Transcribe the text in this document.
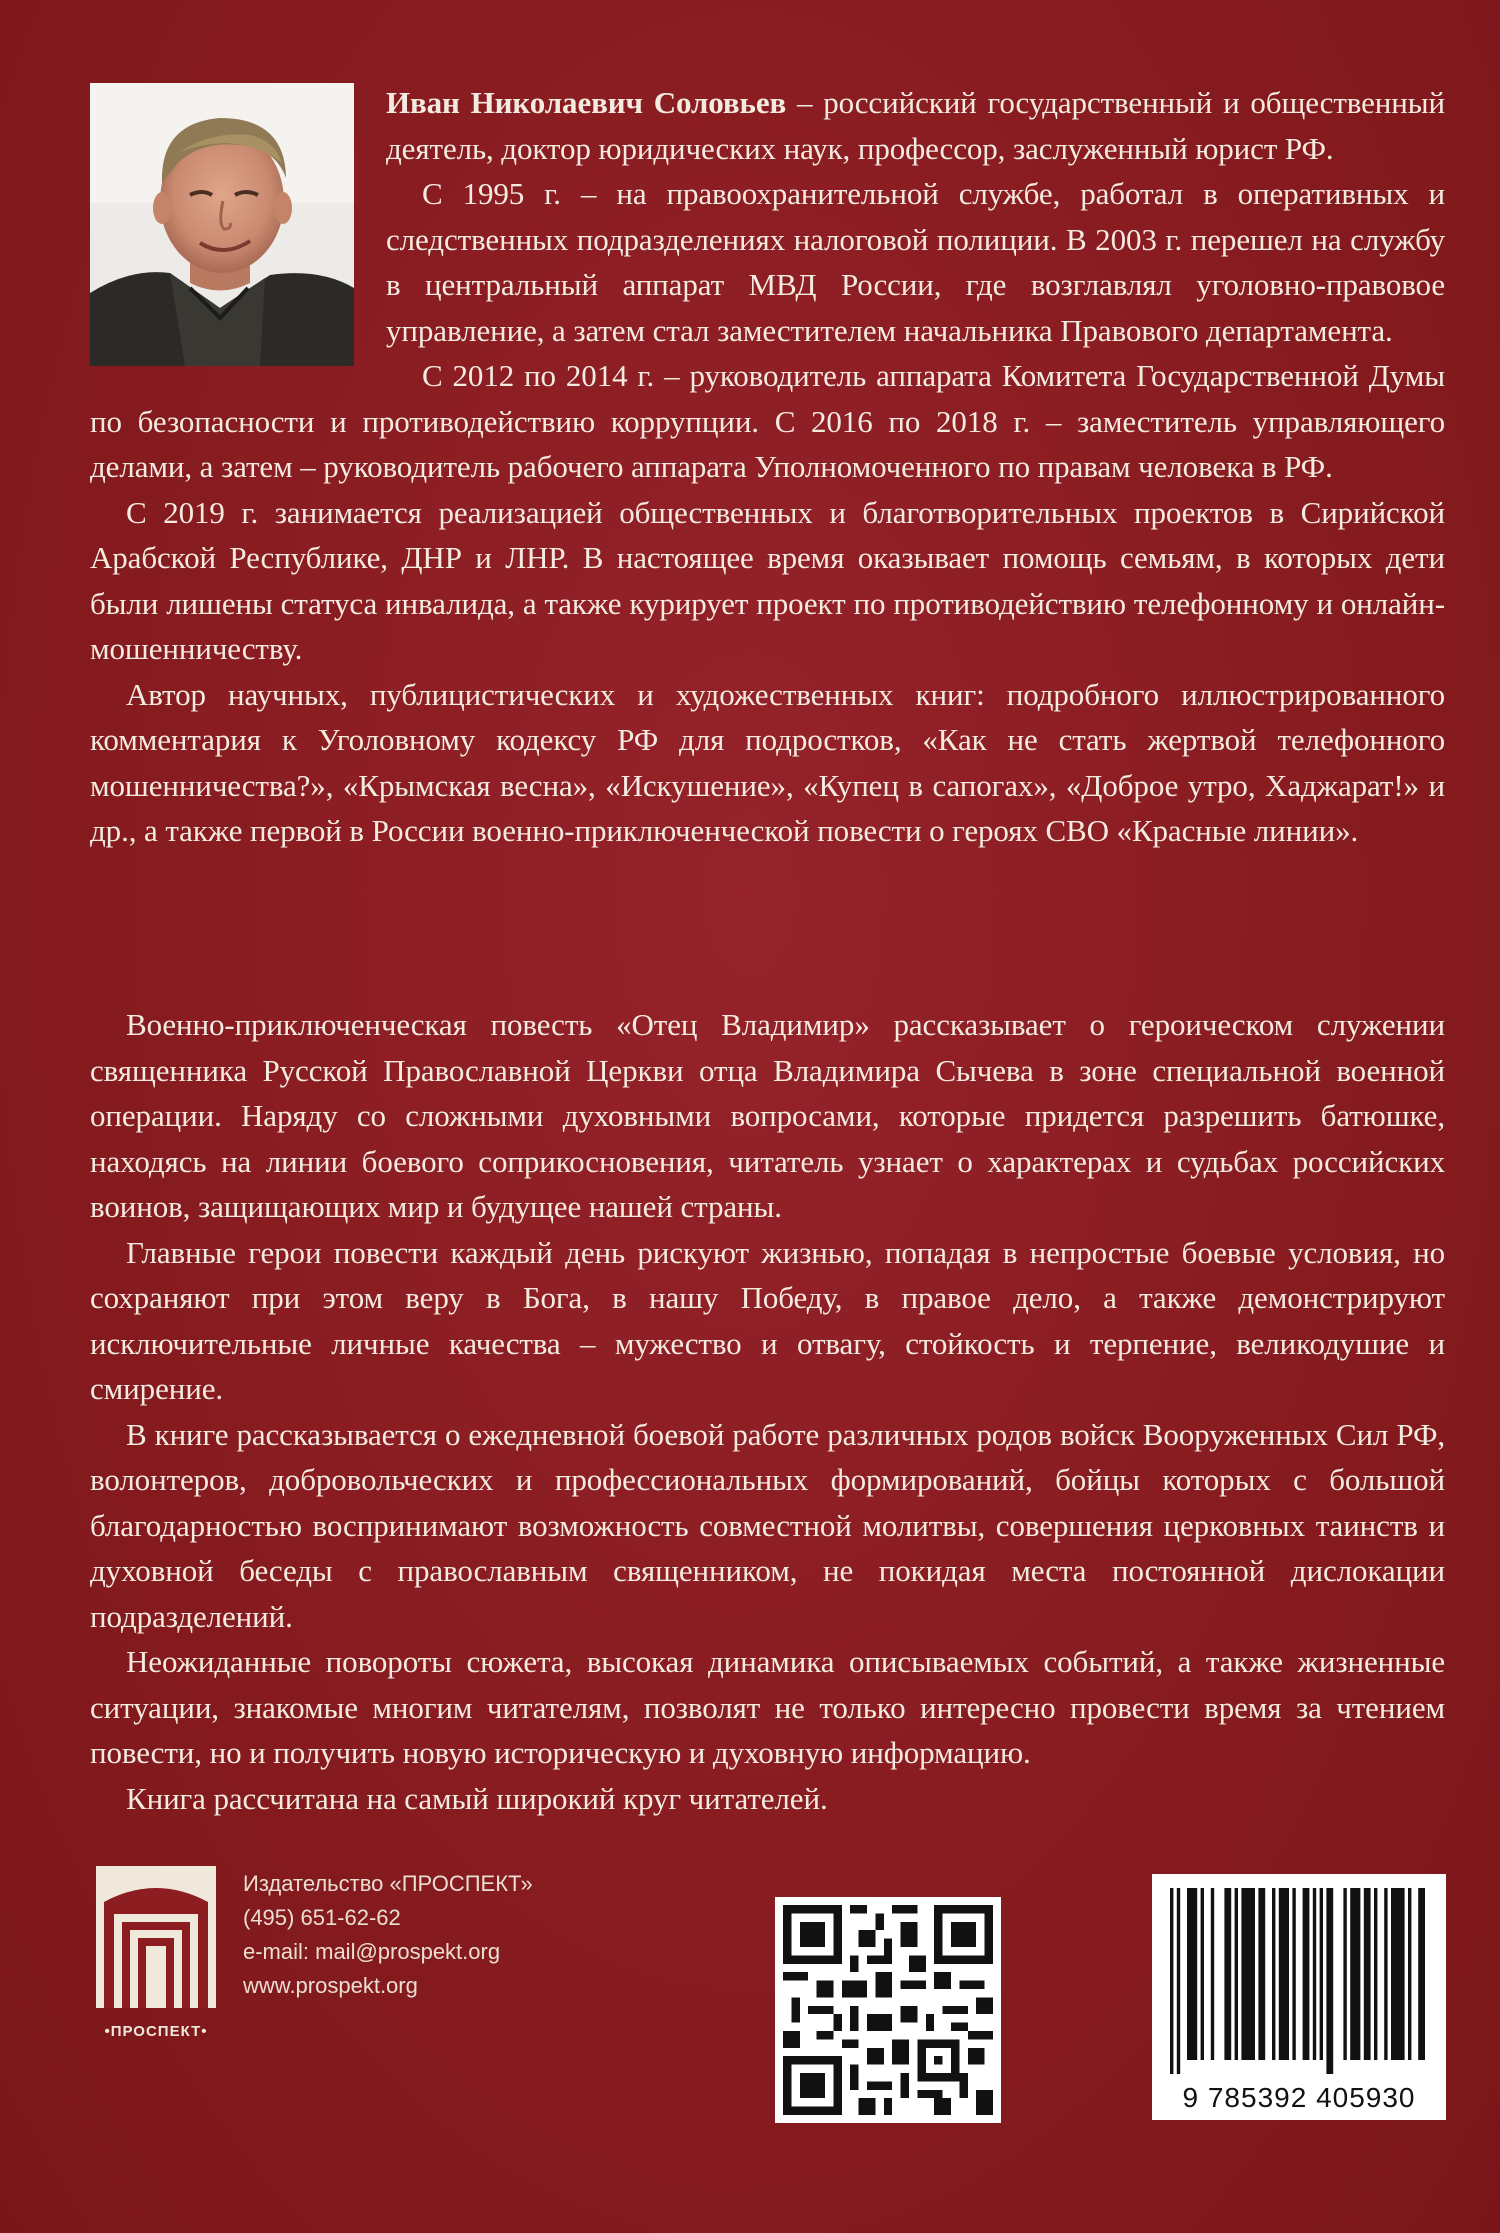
Иван Николаевич Соловьев – российский государственный и общественный деятель, доктор юридических наук, профессор, заслуженный юрист РФ.

С 1995 г. – на правоохранительной службе, работал в оперативных и следственных подразделениях налоговой полиции. В 2003 г. перешел на службу в центральный аппарат МВД России, где возглавлял уголовно-правовое управление, а затем стал заместителем начальника Правового департамента.

С 2012 по 2014 г. – руководитель аппарата Комитета Государственной Думы по безопасности и противодействию коррупции. С 2016 по 2018 г. – заместитель управляющего делами, а затем – руководитель рабочего аппарата Уполномоченного по правам человека в РФ.

С 2019 г. занимается реализацией общественных и благотворительных проектов в Сирийской Арабской Республике, ДНР и ЛНР. В настоящее время оказывает помощь семьям, в которых дети были лишены статуса инвалида, а также курирует проект по противодействию телефонному и онлайн-мошенничеству.

Автор научных, публицистических и художественных книг: подробного иллюстрированного комментария к Уголовному кодексу РФ для подростков, «Как не стать жертвой телефонного мошенничества?», «Крымская весна», «Искушение», «Купец в сапогах», «Доброе утро, Хаджарат!» и др., а также первой в России военно-приключенческой повести о героях СВО «Красные линии».

Военно-приключенческая повесть «Отец Владимир» рассказывает о героическом служении священника Русской Православной Церкви отца Владимира Сычева в зоне специальной военной операции. Наряду со сложными духовными вопросами, которые придется разрешить батюшке, находясь на линии боевого соприкосновения, читатель узнает о характерах и судьбах российских воинов, защищающих мир и будущее нашей страны.

Главные герои повести каждый день рискуют жизнью, попадая в непростые боевые условия, но сохраняют при этом веру в Бога, в нашу Победу, в правое дело, а также демонстрируют исключительные личные качества – мужество и отвагу, стойкость и терпение, великодушие и смирение.

В книге рассказывается о ежедневной боевой работе различных родов войск Вооруженных Сил РФ, волонтеров, добровольческих и профессиональных формирований, бойцы которых с большой благодарностью воспринимают возможность совместной молитвы, совершения церковных таинств и духовной беседы с православным священником, не покидая места постоянной дислокации подразделений.

Неожиданные повороты сюжета, высокая динамика описываемых событий, а также жизненные ситуации, знакомые многим читателям, позволят не только интересно провести время за чтением повести, но и получить новую историческую и духовную информацию.

Книга рассчитана на самый широкий круг читателей.

•ПРОСПЕКТ•
Издательство «ПРОСПЕКТ»
(495) 651-62-62
e-mail: mail@prospekt.org
www.prospekt.org
9 785392 405930
